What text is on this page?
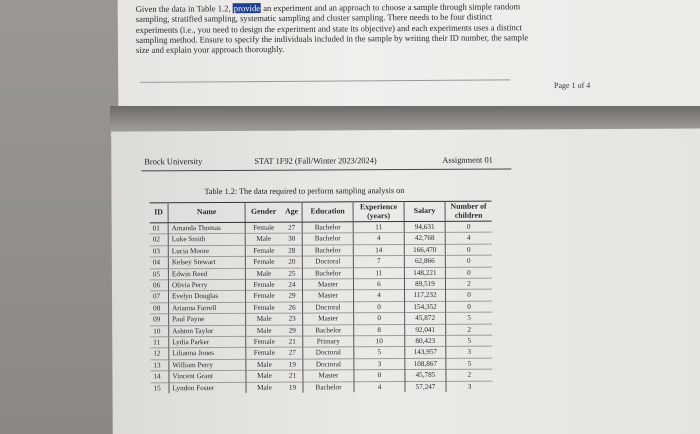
Given the data in Table 1.2, provide an experiment and an approach to choose a sample through simple random sampling, stratified sampling, systematic sampling and cluster sampling. There needs to be four distinct experiments (i.e., you need to design the experiment and state its objective) and each experiments uses a distinct sampling method. Ensure to specify the individuals included in the sample by writing their ID number, the sample size and explain your approach thoroughly.
Page 1 of 4
Brock University	STAT 1F92 (Fall/Winter 2023/2024)	Assignment 01
Table 1.2: The data required to perform sampling analysis on
ID	Name	Gender	Age	Education	Experience (years)	Salary	Number of children
01	Amanda Thomas	Female	27	Bachelor	11	94,631	0
02	Luke Smith	Male	30	Bachelor	4	42,768	4
03	Lucia Moore	Female	28	Bachelor	14	166,470	0
04	Kelsey Stewart	Female	20	Doctoral	7	62,866	0
05	Edwin Reed	Male	25	Bachelor	11	148,221	0
06	Olivia Perry	Female	24	Master	6	89,519	2
07	Evelyn Douglas	Female	29	Master	4	117,232	0
08	Arianna Farrell	Female	26	Doctoral	0	154,352	0
09	Paul Payne	Male	23	Master	0	45,872	5
10	Ashton Taylor	Male	29	Bachelor	8	92,041	2
11	Lydia Parker	Female	21	Primary	10	80,423	5
12	Lilianna Jones	Female	27	Doctoral	5	143,957	3
13	William Perry	Male	19	Doctoral	3	108,867	5
14	Vincent Grant	Male	21	Master	0	45,785	2
15	Lyndon Foster	Male	19	Bachelor	4	57,247	3
